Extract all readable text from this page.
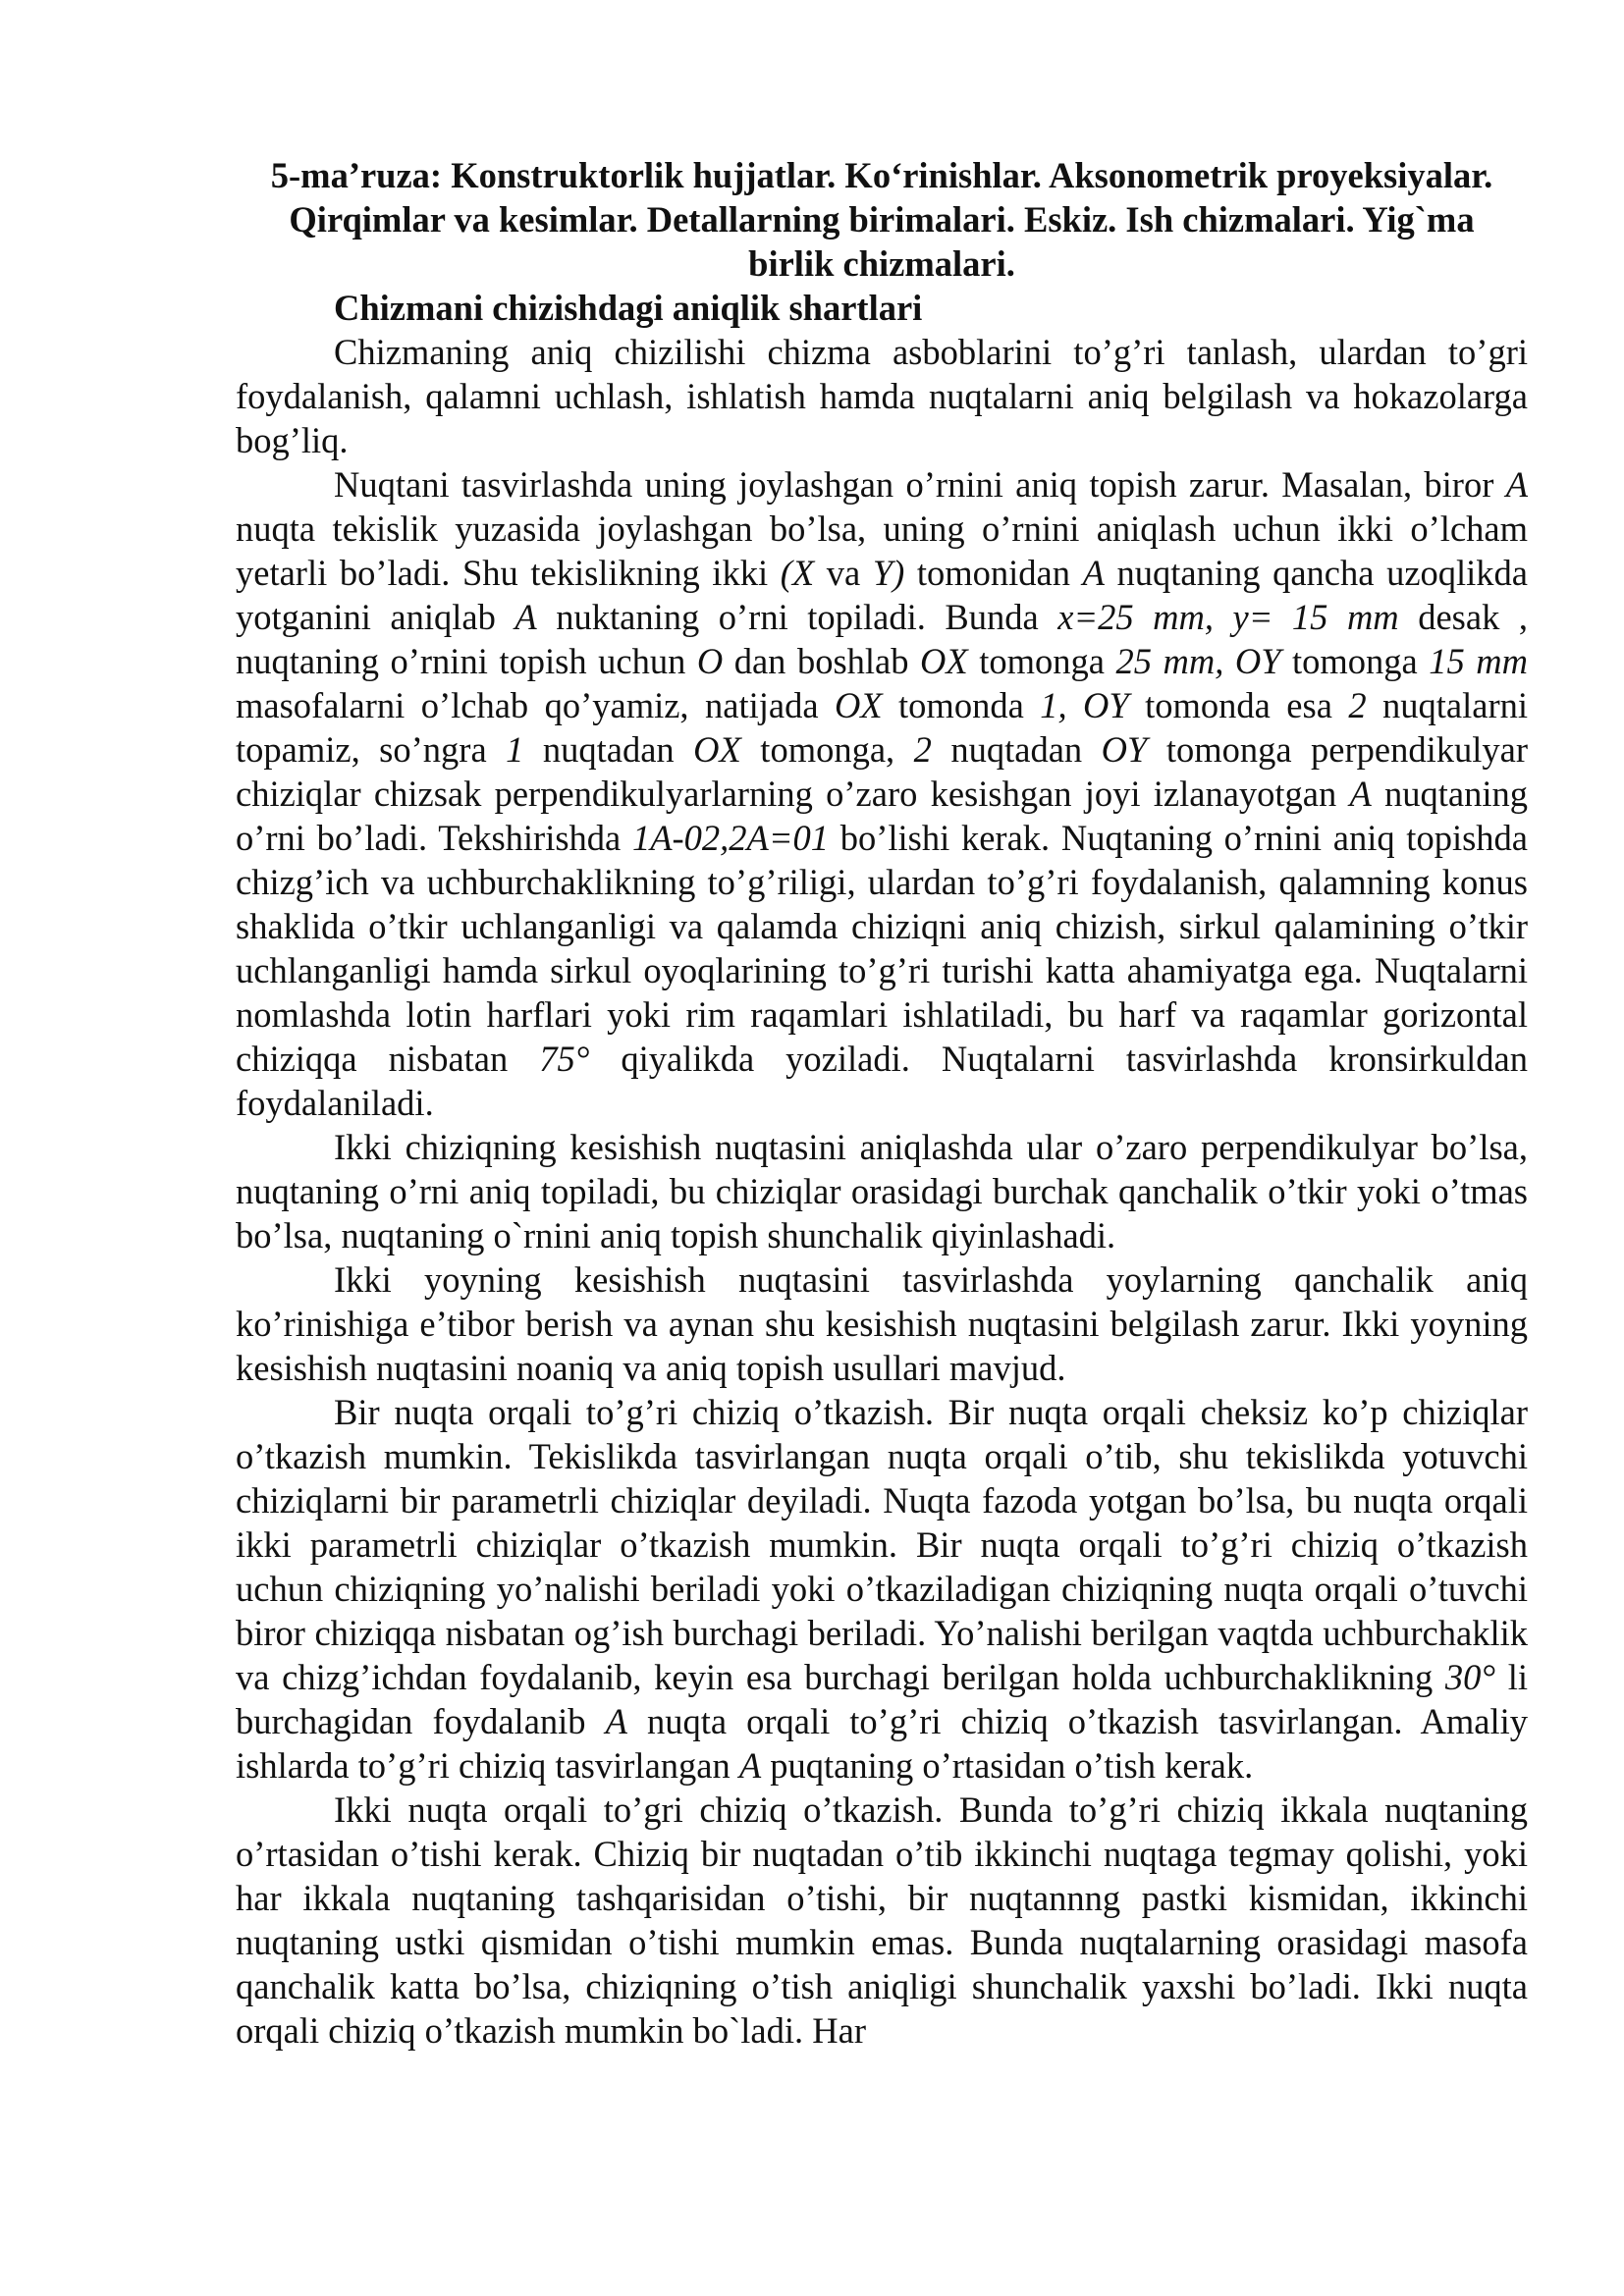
5-ma’ruza: Konstruktorlik hujjatlar. Ko‘rinishlar. Aksonometrik proyeksiyalar. Qirqimlar va kesimlar. Detallarning birimalari. Eskiz. Ish chizmalari. Yig`ma birlik chizmalari.

Chizmani chizishdagi aniqlik shartlari

Chizmaning aniq chizilishi chizma asboblarini to’g’ri tanlash, ulardan to’gri foydalanish, qalamni uchlash, ishlatish hamda nuqtalarni aniq belgilash va hokazolarga bog’liq.

Nuqtani tasvirlashda uning joylashgan o’rnini aniq topish zarur. Masalan, biror A nuqta tekislik yuzasida joylashgan bo’lsa, uning o’rnini aniqlash uchun ikki o’lcham yetarli bo’ladi. Shu tekislikning ikki (X va Y) tomonidan A nuqtaning qancha uzoqlikda yotganini aniqlab A nuktaning o’rni topiladi. Bunda x=25 mm, y= 15 mm desak , nuqtaning o’rnini topish uchun O dan boshlab OX tomonga 25 mm, OY tomonga 15 mm masofalarni o’lchab qo’yamiz, natijada OX tomonda 1, OY tomonda esa 2 nuqtalarni topamiz, so’ngra 1 nuqtadan OX tomonga, 2 nuqtadan OY tomonga perpendikulyar chiziqlar chizsak perpendikulyarlarning o’zaro kesishgan joyi izlanayotgan A nuqtaning o’rni bo’ladi. Tekshirishda 1A-02,2A=01 bo’lishi kerak. Nuqtaning o’rnini aniq topishda chizg’ich va uchburchaklikning to’g’riligi, ulardan to’g’ri foydalanish, qalamning konus shaklida o’tkir uchlanganligi va qalamda chiziqni aniq chizish, sirkul qalamining o’tkir uchlanganligi hamda sirkul oyoqlarining to’g’ri turishi katta ahamiyatga ega. Nuqtalarni nomlashda lotin harflari yoki rim raqamlari ishlatiladi, bu harf va raqamlar gorizontal chiziqqa nisbatan 75° qiyalikda yoziladi. Nuqtalarni tasvirlashda kronsirkuldan foydalaniladi.

Ikki chiziqning kesishish nuqtasini aniqlashda ular o’zaro perpendikulyar bo’lsa, nuqtaning o’rni aniq topiladi, bu chiziqlar orasidagi burchak qanchalik o’tkir yoki o’tmas bo’lsa, nuqtaning o`rnini aniq topish shunchalik qiyinlashadi.

Ikki yoyning kesishish nuqtasini tasvirlashda yoylarning qanchalik aniq ko’rinishiga e’tibor berish va aynan shu kesishish nuqtasini belgilash zarur. Ikki yoyning kesishish nuqtasini noaniq va aniq topish usullari mavjud.

Bir nuqta orqali to’g’ri chiziq o’tkazish. Bir nuqta orqali cheksiz ko’p chiziqlar o’tkazish mumkin. Tekislikda tasvirlangan nuqta orqali o’tib, shu tekislikda yotuvchi chiziqlarni bir parametrli chiziqlar deyiladi. Nuqta fazoda yotgan bo’lsa, bu nuqta orqali ikki parametrli chiziqlar o’tkazish mumkin. Bir nuqta orqali to’g’ri chiziq o’tkazish uchun chiziqning yo’nalishi beriladi yoki o’tkaziladigan chiziqning nuqta orqali o’tuvchi biror chiziqqa nisbatan og’ish burchagi beriladi. Yo’nalishi berilgan vaqtda uchburchaklik va chizg’ichdan foydalanib, keyin esa burchagi berilgan holda uchburchaklikning 30° li burchagidan foydalanib A nuqta orqali to’g’ri chiziq o’tkazish tasvirlangan. Amaliy ishlarda to’g’ri chiziq tasvirlangan A puqtaning o’rtasidan o’tish kerak.

Ikki nuqta orqali to’gri chiziq o’tkazish. Bunda to’g’ri chiziq ikkala nuqtaning o’rtasidan o’tishi kerak. Chiziq bir nuqtadan o’tib ikkinchi nuqtaga tegmay qolishi, yoki har ikkala nuqtaning tashqarisidan o’tishi, bir nuqtannng pastki kismidan, ikkinchi nuqtaning ustki qismidan o’tishi mumkin emas. Bunda nuqtalarning orasidagi masofa qanchalik katta bo’lsa, chiziqning o’tish aniqligi shunchalik yaxshi bo’ladi. Ikki nuqta orqali chiziq o’tkazish mumkin bo`ladi. Har
